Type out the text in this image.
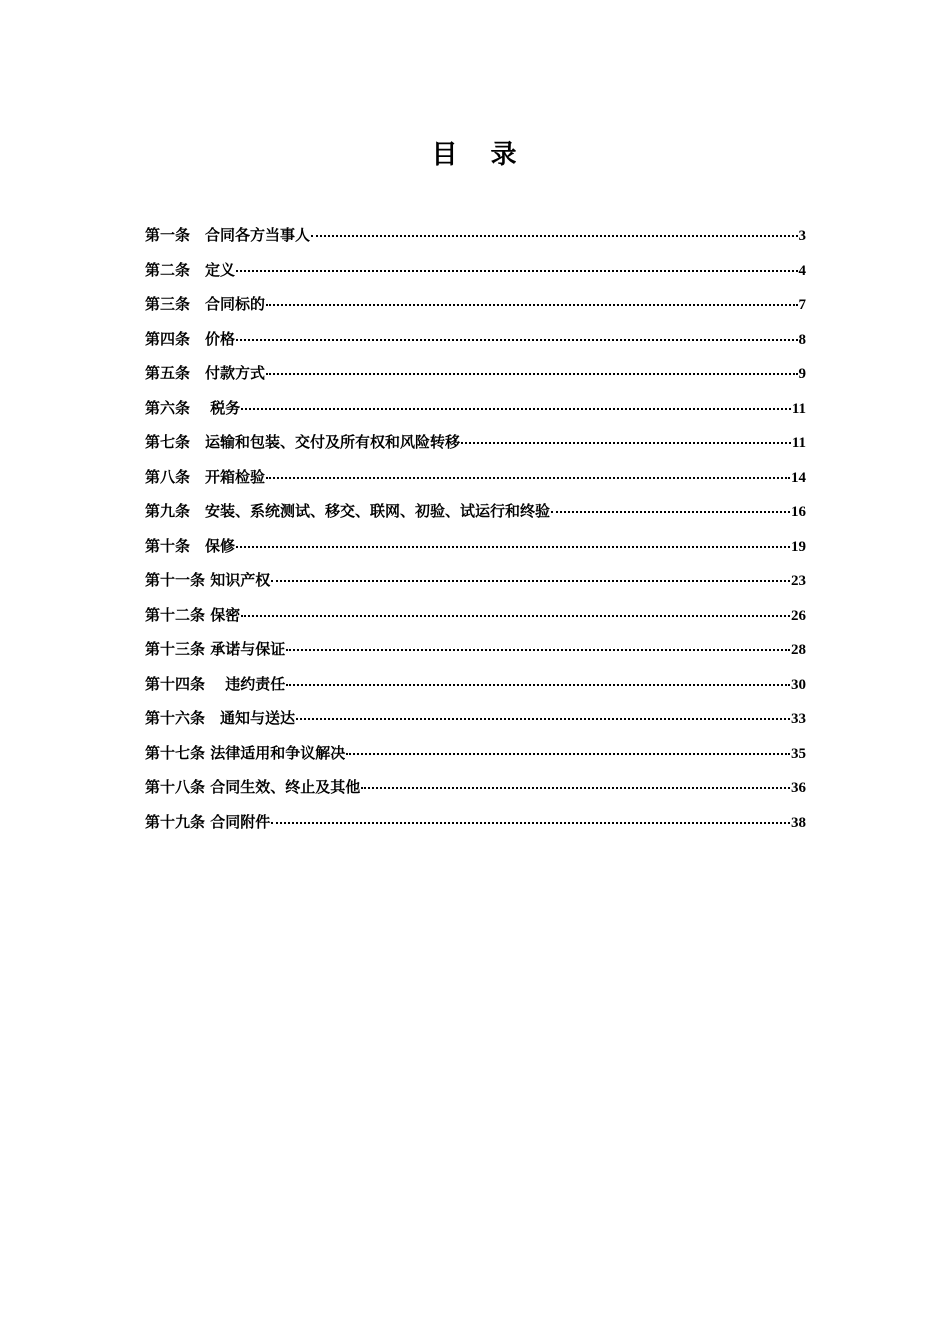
目 录
第一条　合同各方当事人	3
第二条　定义	4
第三条　合同标的	7
第四条　价格	8
第五条　付款方式	9
第六条　 税务	11
第七条　运输和包装、交付及所有权和风险转移	11
第八条　开箱检验	14
第九条　安装、系统测试、移交、联网、初验、试运行和终验	16
第十条　保修	19
第十一条 知识产权	23
第十二条 保密	26
第十三条 承诺与保证	28
第十四条　 违约责任	30
第十六条　通知与送达	33
第十七条 法律适用和争议解决	35
第十八条 合同生效、终止及其他	36
第十九条 合同附件	38
